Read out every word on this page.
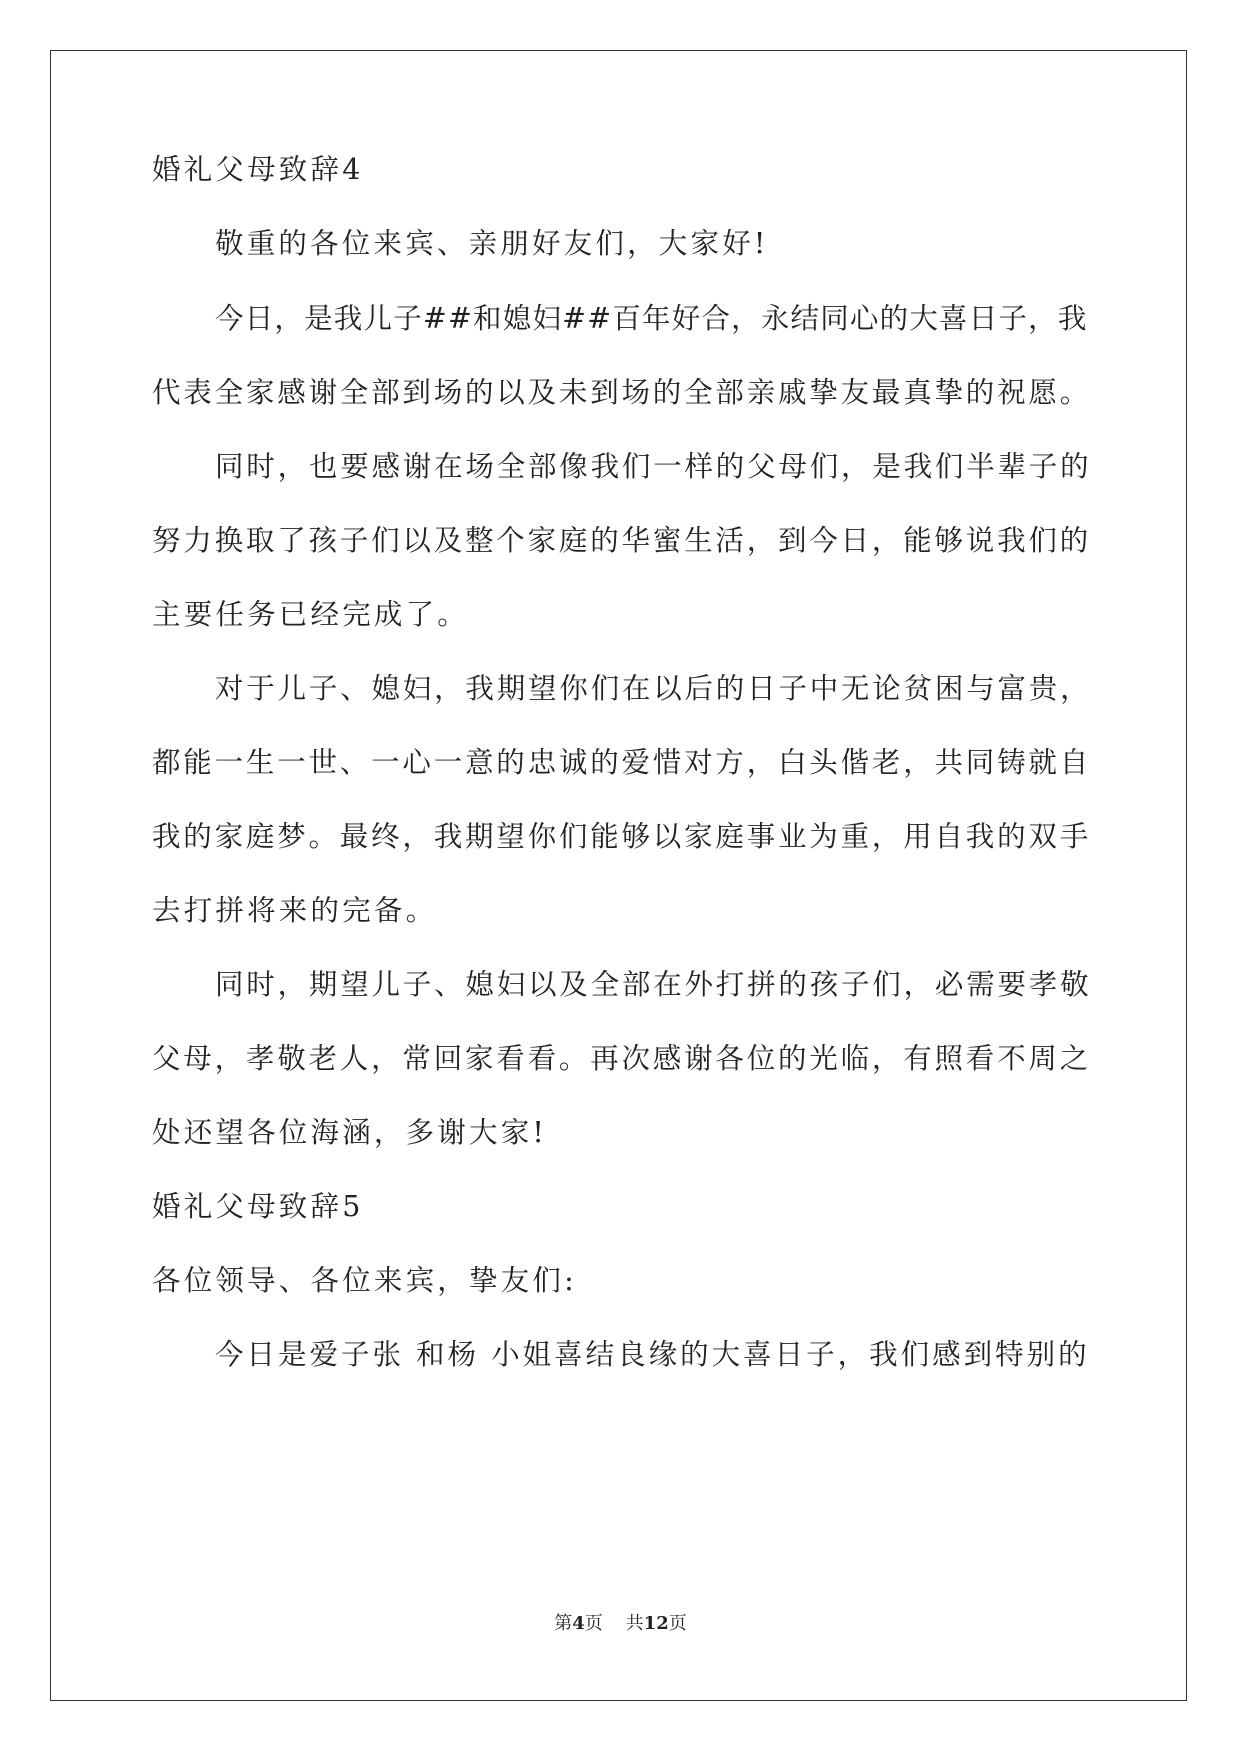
婚礼父母致辞4
敬重的各位来宾、亲朋好友们，大家好!
今日，是我儿子##和媳妇##百年好合，永结同心的大喜日子，我
代表全家感谢全部到场的以及未到场的全部亲戚挚友最真挚的祝愿。
同时，也要感谢在场全部像我们一样的父母们，是我们半辈子的
努力换取了孩子们以及整个家庭的华蜜生活，到今日，能够说我们的
主要任务已经完成了。
对于儿子、媳妇，我期望你们在以后的日子中无论贫困与富贵，
都能一生一世、一心一意的忠诚的爱惜对方，白头偕老，共同铸就自
我的家庭梦。最终，我期望你们能够以家庭事业为重，用自我的双手
去打拼将来的完备。
同时，期望儿子、媳妇以及全部在外打拼的孩子们，必需要孝敬
父母，孝敬老人，常回家看看。再次感谢各位的光临，有照看不周之
处还望各位海涵，多谢大家!
婚礼父母致辞5
各位领导、各位来宾，挚友们:
今日是爱子张 和杨 小姐喜结良缘的大喜日子，我们感到特别的
第4页 共12页
